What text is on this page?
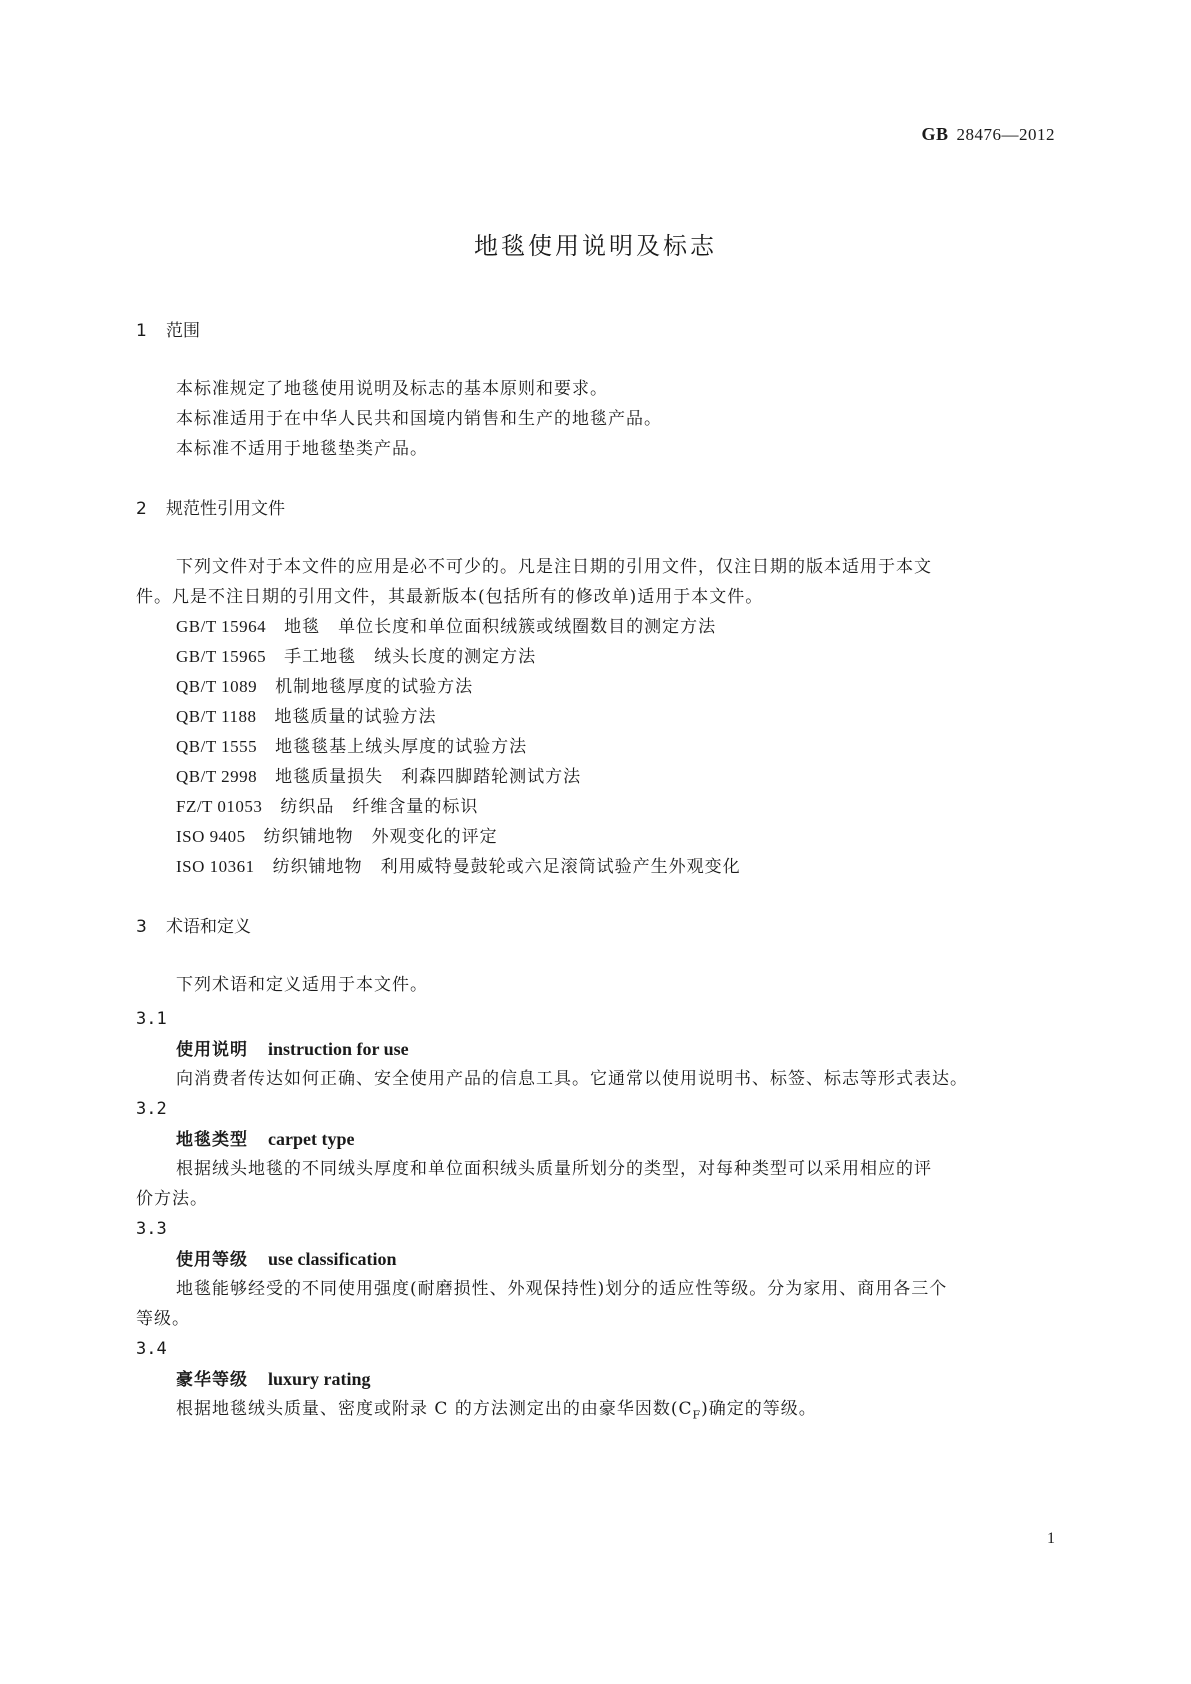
GB 28476—2012
地毯使用说明及标志
1 范围
本标准规定了地毯使用说明及标志的基本原则和要求。
本标准适用于在中华人民共和国境内销售和生产的地毯产品。
本标准不适用于地毯垫类产品。
2 规范性引用文件
下列文件对于本文件的应用是必不可少的。凡是注日期的引用文件，仅注日期的版本适用于本文
件。凡是不注日期的引用文件，其最新版本(包括所有的修改单)适用于本文件。
GB/T 15964 地毯　单位长度和单位面积绒簇或绒圈数目的测定方法
GB/T 15965 手工地毯　绒头长度的测定方法
QB/T 1089 机制地毯厚度的试验方法
QB/T 1188 地毯质量的试验方法
QB/T 1555 地毯毯基上绒头厚度的试验方法
QB/T 2998 地毯质量损失　利森四脚踏轮测试方法
FZ/T 01053 纺织品　纤维含量的标识
ISO 9405 纺织铺地物　外观变化的评定
ISO 10361 纺织铺地物　利用威特曼鼓轮或六足滚筒试验产生外观变化
3 术语和定义
下列术语和定义适用于本文件。
3.1
使用说明 instruction for use
向消费者传达如何正确、安全使用产品的信息工具。它通常以使用说明书、标签、标志等形式表达。
3.2
地毯类型 carpet type
根据绒头地毯的不同绒头厚度和单位面积绒头质量所划分的类型，对每种类型可以采用相应的评
价方法。
3.3
使用等级 use classification
地毯能够经受的不同使用强度(耐磨损性、外观保持性)划分的适应性等级。分为家用、商用各三个
等级。
3.4
豪华等级 luxury rating
根据地毯绒头质量、密度或附录 C 的方法测定出的由豪华因数$(C_F)$确定的等级。
1
